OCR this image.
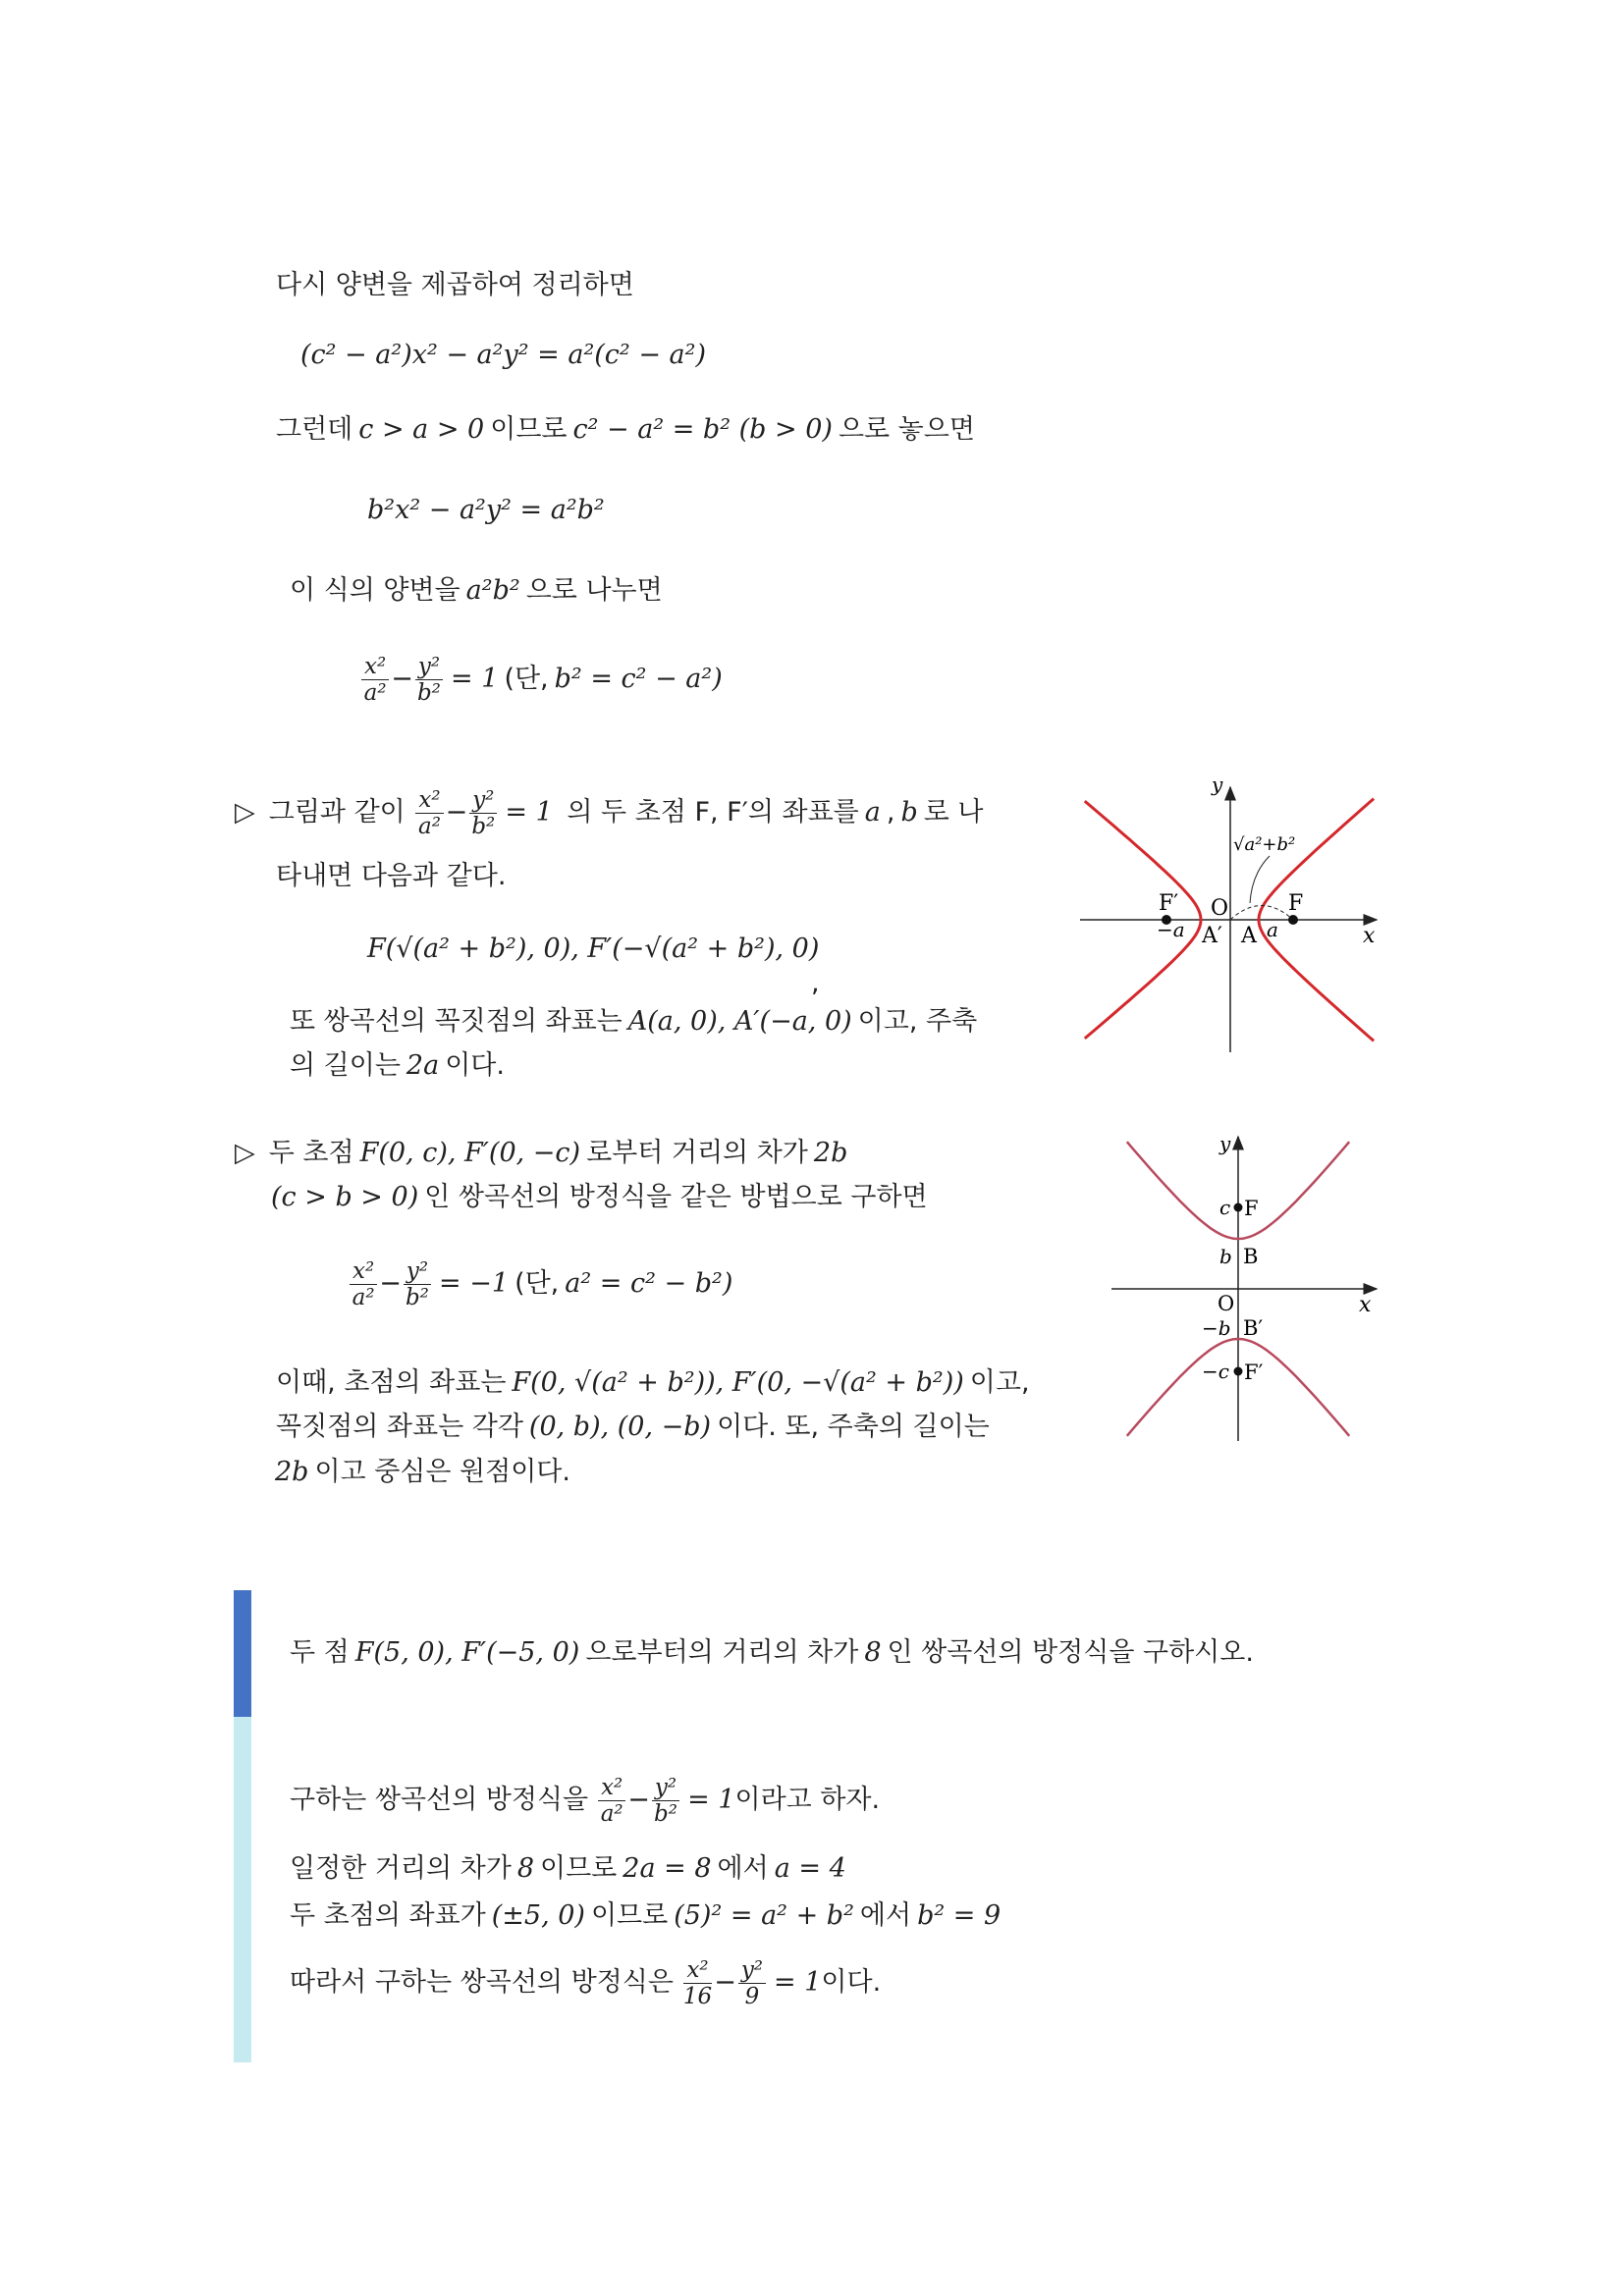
다시 양변을 제곱하여 정리하면
(c² − a²)x² − a²y² = a²(c² − a²)
그런데 c > a > 0 이므로 c² − a² = b² (b > 0) 으로 놓으면
b²x² − a²y² = a²b²
이 식의 양변을 a²b² 으로 나누면
$\frac{\text{x²}}{\text{a²}} - \frac{\text{y²}}{\text{b²}} = 1$ (단, b² = c² − a²)
▷ 그림과 같이 $\frac{\text{x²}}{\text{a²}} - \frac{\text{y²}}{\text{b²}} = 1$ 의 두 초점 F, F′의 좌표를 a , b 로 나
타내면 다음과 같다.
F(√(a² + b²), 0), F′(−√(a² + b²), 0)
,
또 쌍곡선의 꼭짓점의 좌표는 A(a, 0), A′(−a, 0) 이고, 주축
의 길이는 2a 이다.
y
x
O	F
F′
A
A′ a
−a
√a²+b²
▷ 두 초점 F(0, c), F′(0, −c) 로부터 거리의 차가 2b
(c > b > 0) 인 쌍곡선의 방정식을 같은 방법으로 구하면
$\frac{\text{x²}}{\text{a²}} - \frac{\text{y²}}{\text{b²}} = -1$ (단, a² = c² − b²)
이때, 초점의 좌표는 F(0, √(a² + b²)), F′(0, −√(a² + b²)) 이고,
꼭짓점의 좌표는 각각 (0, b), (0, −b) 이다. 또, 주축의 길이는
2b 이고 중심은 원점이다.
y
x
O
F
F′
B
B′
c
−c
b
−b
두 점 F(5, 0), F′(−5, 0) 으로부터의 거리의 차가 8 인 쌍곡선의 방정식을 구하시오.
구하는 쌍곡선의 방정식을 $\frac{\text{x²}}{\text{a²}} - \frac{\text{y²}}{\text{b²}} = 1$이라고 하자.
일정한 거리의 차가 8 이므로 2a = 8 에서 a = 4
두 초점의 좌표가 (±5, 0) 이므로 (5)² = a² + b² 에서 b² = 9
따라서 구하는 쌍곡선의 방정식은 $\frac{\text{x²}}{16} - \frac{\text{y²}}{9} = 1$이다.
